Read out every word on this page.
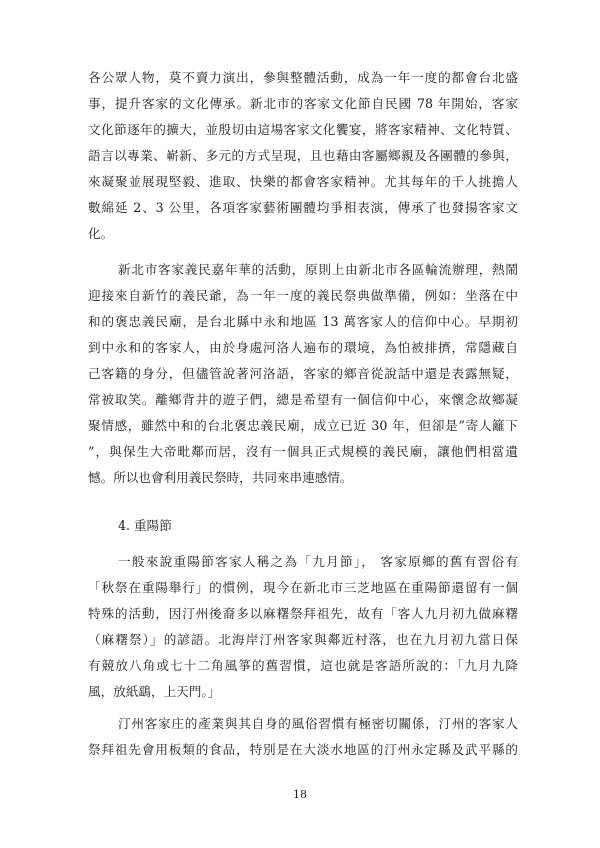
各公眾人物，莫不賣力演出，參與整體活動，成為一年一度的都會台北盛
事，提升客家的文化傳承。新北市的客家文化節自民國 78 年開始，客家
文化節逐年的擴大，並殷切由這場客家文化饗宴，將客家精神、文化特質、
語言以專業、嶄新、多元的方式呈現，且也藉由客屬鄉親及各團體的參與，
來凝聚並展現堅毅、進取、快樂的都會客家精神。尤其每年的千人挑擔人
數綿延 2、3 公里，各項客家藝術團體均爭相表演，傳承了也發揚客家文
化。
新北市客家義民嘉年華的活動，原則上由新北市各區輪流辦理，熱鬧
迎接來自新竹的義民爺，為一年一度的義民祭典做準備，例如：坐落在中
和的褒忠義民廟，是台北縣中永和地區 13 萬客家人的信仰中心。早期初
到中永和的客家人，由於身處河洛人遍布的環境，為怕被排擠，常隱藏自
己客籍的身分，但儘管說著河洛語，客家的鄉音從說話中還是表露無疑，
常被取笑。離鄉背井的遊子們，總是希望有一個信仰中心，來懷念故鄉凝
聚情感，雖然中和的台北褒忠義民廟，成立已近 30 年，但卻是”寄人籬下
”，與保生大帝毗鄰而居，沒有一個具正式規模的義民廟，讓他們相當遺
憾。所以也會利用義民祭時，共同來串連感情。
4. 重陽節
一般來說重陽節客家人稱之為「九月節」， 客家原鄉的舊有習俗有
「秋祭在重陽舉行」的慣例，現今在新北市三芝地區在重陽節還留有一個
特殊的活動，因汀州後裔多以麻糬祭拜祖先，故有「客人九月初九做麻糬
（麻糬祭）」的諺語。北海岸汀州客家與鄰近村落，也在九月初九當日保
有競放八角或七十二角風箏的舊習慣，這也就是客語所說的：「九月九降
風，放紙鷂，上天門。」
汀州客家庄的產業與其自身的風俗習慣有極密切關係，汀州的客家人
祭拜祖先會用板類的食品，特別是在大淡水地區的汀州永定縣及武平縣的
18
